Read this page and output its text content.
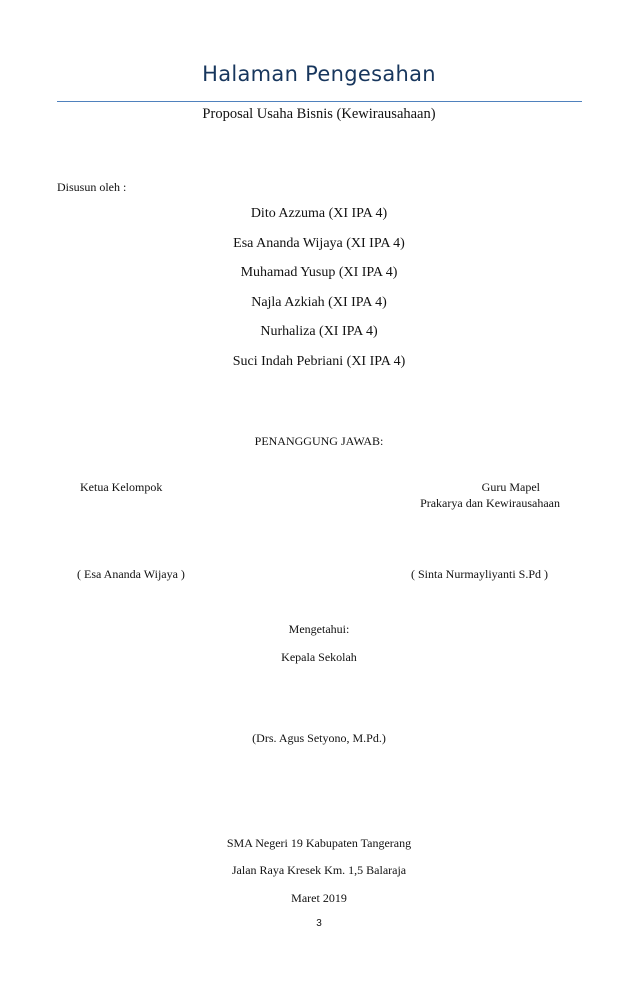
Halaman Pengesahan
Proposal Usaha Bisnis (Kewirausahaan)
Disusun oleh :
Dito Azzuma (XI IPA 4)
Esa Ananda Wijaya (XI IPA 4)
Muhamad Yusup (XI IPA 4)
Najla Azkiah (XI IPA 4)
Nurhaliza (XI IPA 4)
Suci Indah Pebriani (XI IPA 4)
PENANGGUNG JAWAB:
Ketua Kelompok	Guru Mapel
Prakarya dan Kewirausahaan
( Esa Ananda Wijaya )	( Sinta Nurmayliyanti S.Pd )
Mengetahui:
Kepala Sekolah
(Drs. Agus Setyono, M.Pd.)
SMA Negeri 19 Kabupaten Tangerang
Jalan Raya Kresek Km. 1,5 Balaraja
Maret 2019
3
